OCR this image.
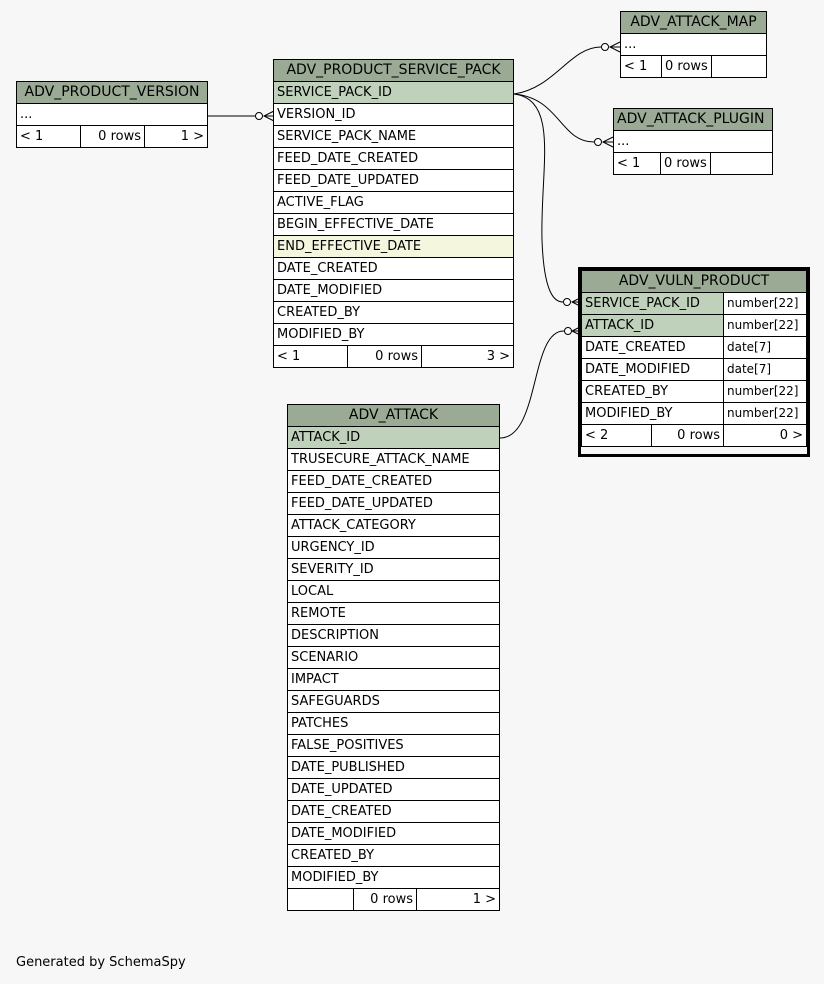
ADV_PRODUCT_VERSION
...
< 1	0 rows	1 >
ADV_PRODUCT_SERVICE_PACK
SERVICE_PACK_ID
VERSION_ID
SERVICE_PACK_NAME
FEED_DATE_CREATED
FEED_DATE_UPDATED
ACTIVE_FLAG
BEGIN_EFFECTIVE_DATE
END_EFFECTIVE_DATE
DATE_CREATED
DATE_MODIFIED
CREATED_BY
MODIFIED_BY
< 1	0 rows	3 >
ADV_ATTACK_MAP
...
< 1	0 rows	
ADV_ATTACK_PLUGIN
...
< 1	0 rows	
ADV_VULN_PRODUCT		
SERVICE_PACK_ID		number[22]
ATTACK_ID		number[22]
DATE_CREATED		date[7]
DATE_MODIFIED		date[7]
CREATED_BY		number[22]
MODIFIED_BY		number[22]
< 2	0 rows	0 >
ADV_ATTACK
ATTACK_ID
TRUSECURE_ATTACK_NAME
FEED_DATE_CREATED
FEED_DATE_UPDATED
ATTACK_CATEGORY
URGENCY_ID
SEVERITY_ID
LOCAL
REMOTE
DESCRIPTION
SCENARIO
IMPACT
SAFEGUARDS
PATCHES
FALSE_POSITIVES
DATE_PUBLISHED
DATE_UPDATED
DATE_CREATED
DATE_MODIFIED
CREATED_BY
MODIFIED_BY
	0 rows	1 >
Generated by SchemaSpy
